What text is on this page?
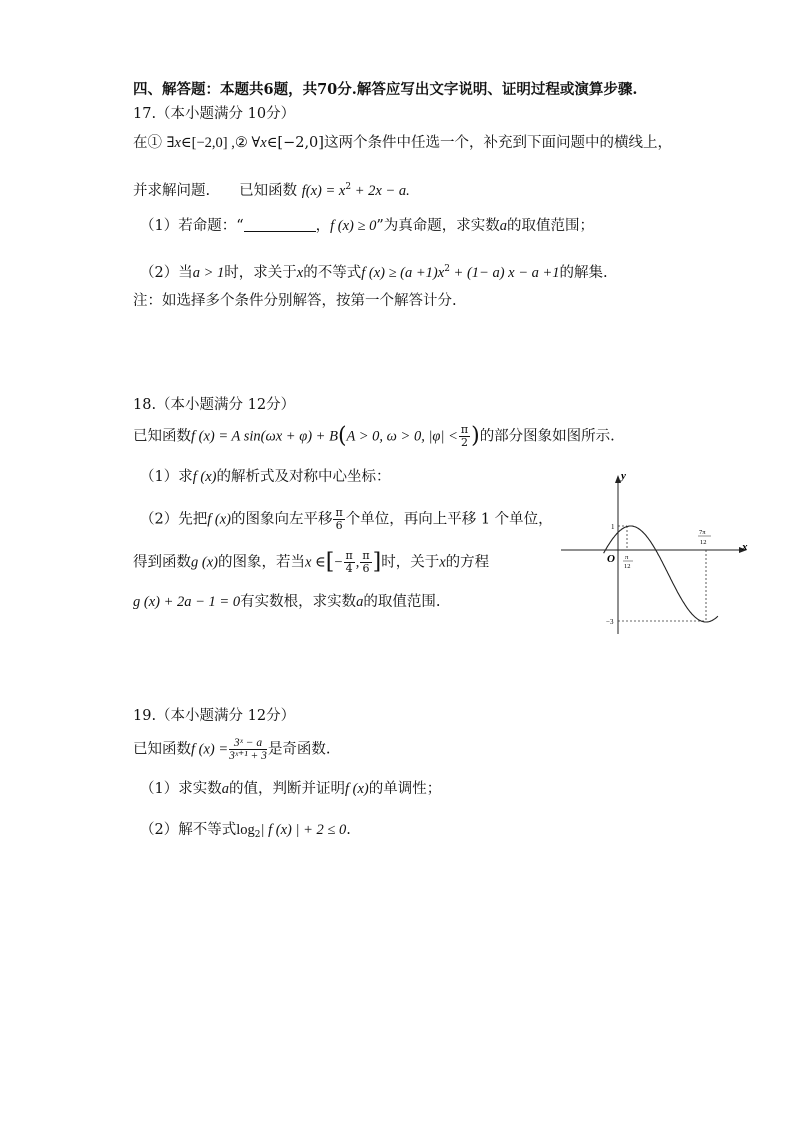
四、解答题：本题共6题，共70分.解答应写出文字说明、证明过程或演算步骤.
17.（本小题满分 10分）
在① ∃x∈[−2,0] ,② ∀x∈[−2,0]这两个条件中任选一个，补充到下面问题中的横线上，
并求解问题.　　已知函数 $f(x) = x^2 + 2x - a$.
（1）若命题：“	，f (x) ≥ 0”为真命题，求实数a的取值范围；
（2）当a > 1时，求关于x的不等式f $(x) \ge (a +1)x^2 + (1- a)$ x − a +1的解集.
注：如选择多个条件分别解答，按第一个解答计分.
18.（本小题满分 12分）
已知函数f (x) = A sin(ωx + φ) + B(A > 0, ω > 0, $|\varphi| < \frac{\pi}{2}$ )的部分图象如图所示.
（1）求f (x)的解析式及对称中心坐标：
（2）先把f (x)的图象向左平移 $\frac{\pi}{6}$ 个单位，再向上平移 1 个单位，
得到函数g (x)的图象，若当x ∈[− $\frac{\pi}{4}$ , $\frac{\pi}{6}$ ]时，关于x的方程
g (x) + 2a − 1 = 0有实数根，求实数a的取值范围.
y
x
O
1
−3
π
12
7π
12
19.（本小题满分 12分）
已知函数f $(x) = \frac{\text{3ˣ − a}}{\text{3ˣ⁺¹ + 3}}$ 是奇函数.
（1）求实数a的值，判断并证明f (x)的单调性；
（2）解不等式$\log_2|$ f (x) | + 2 ≤ 0.
